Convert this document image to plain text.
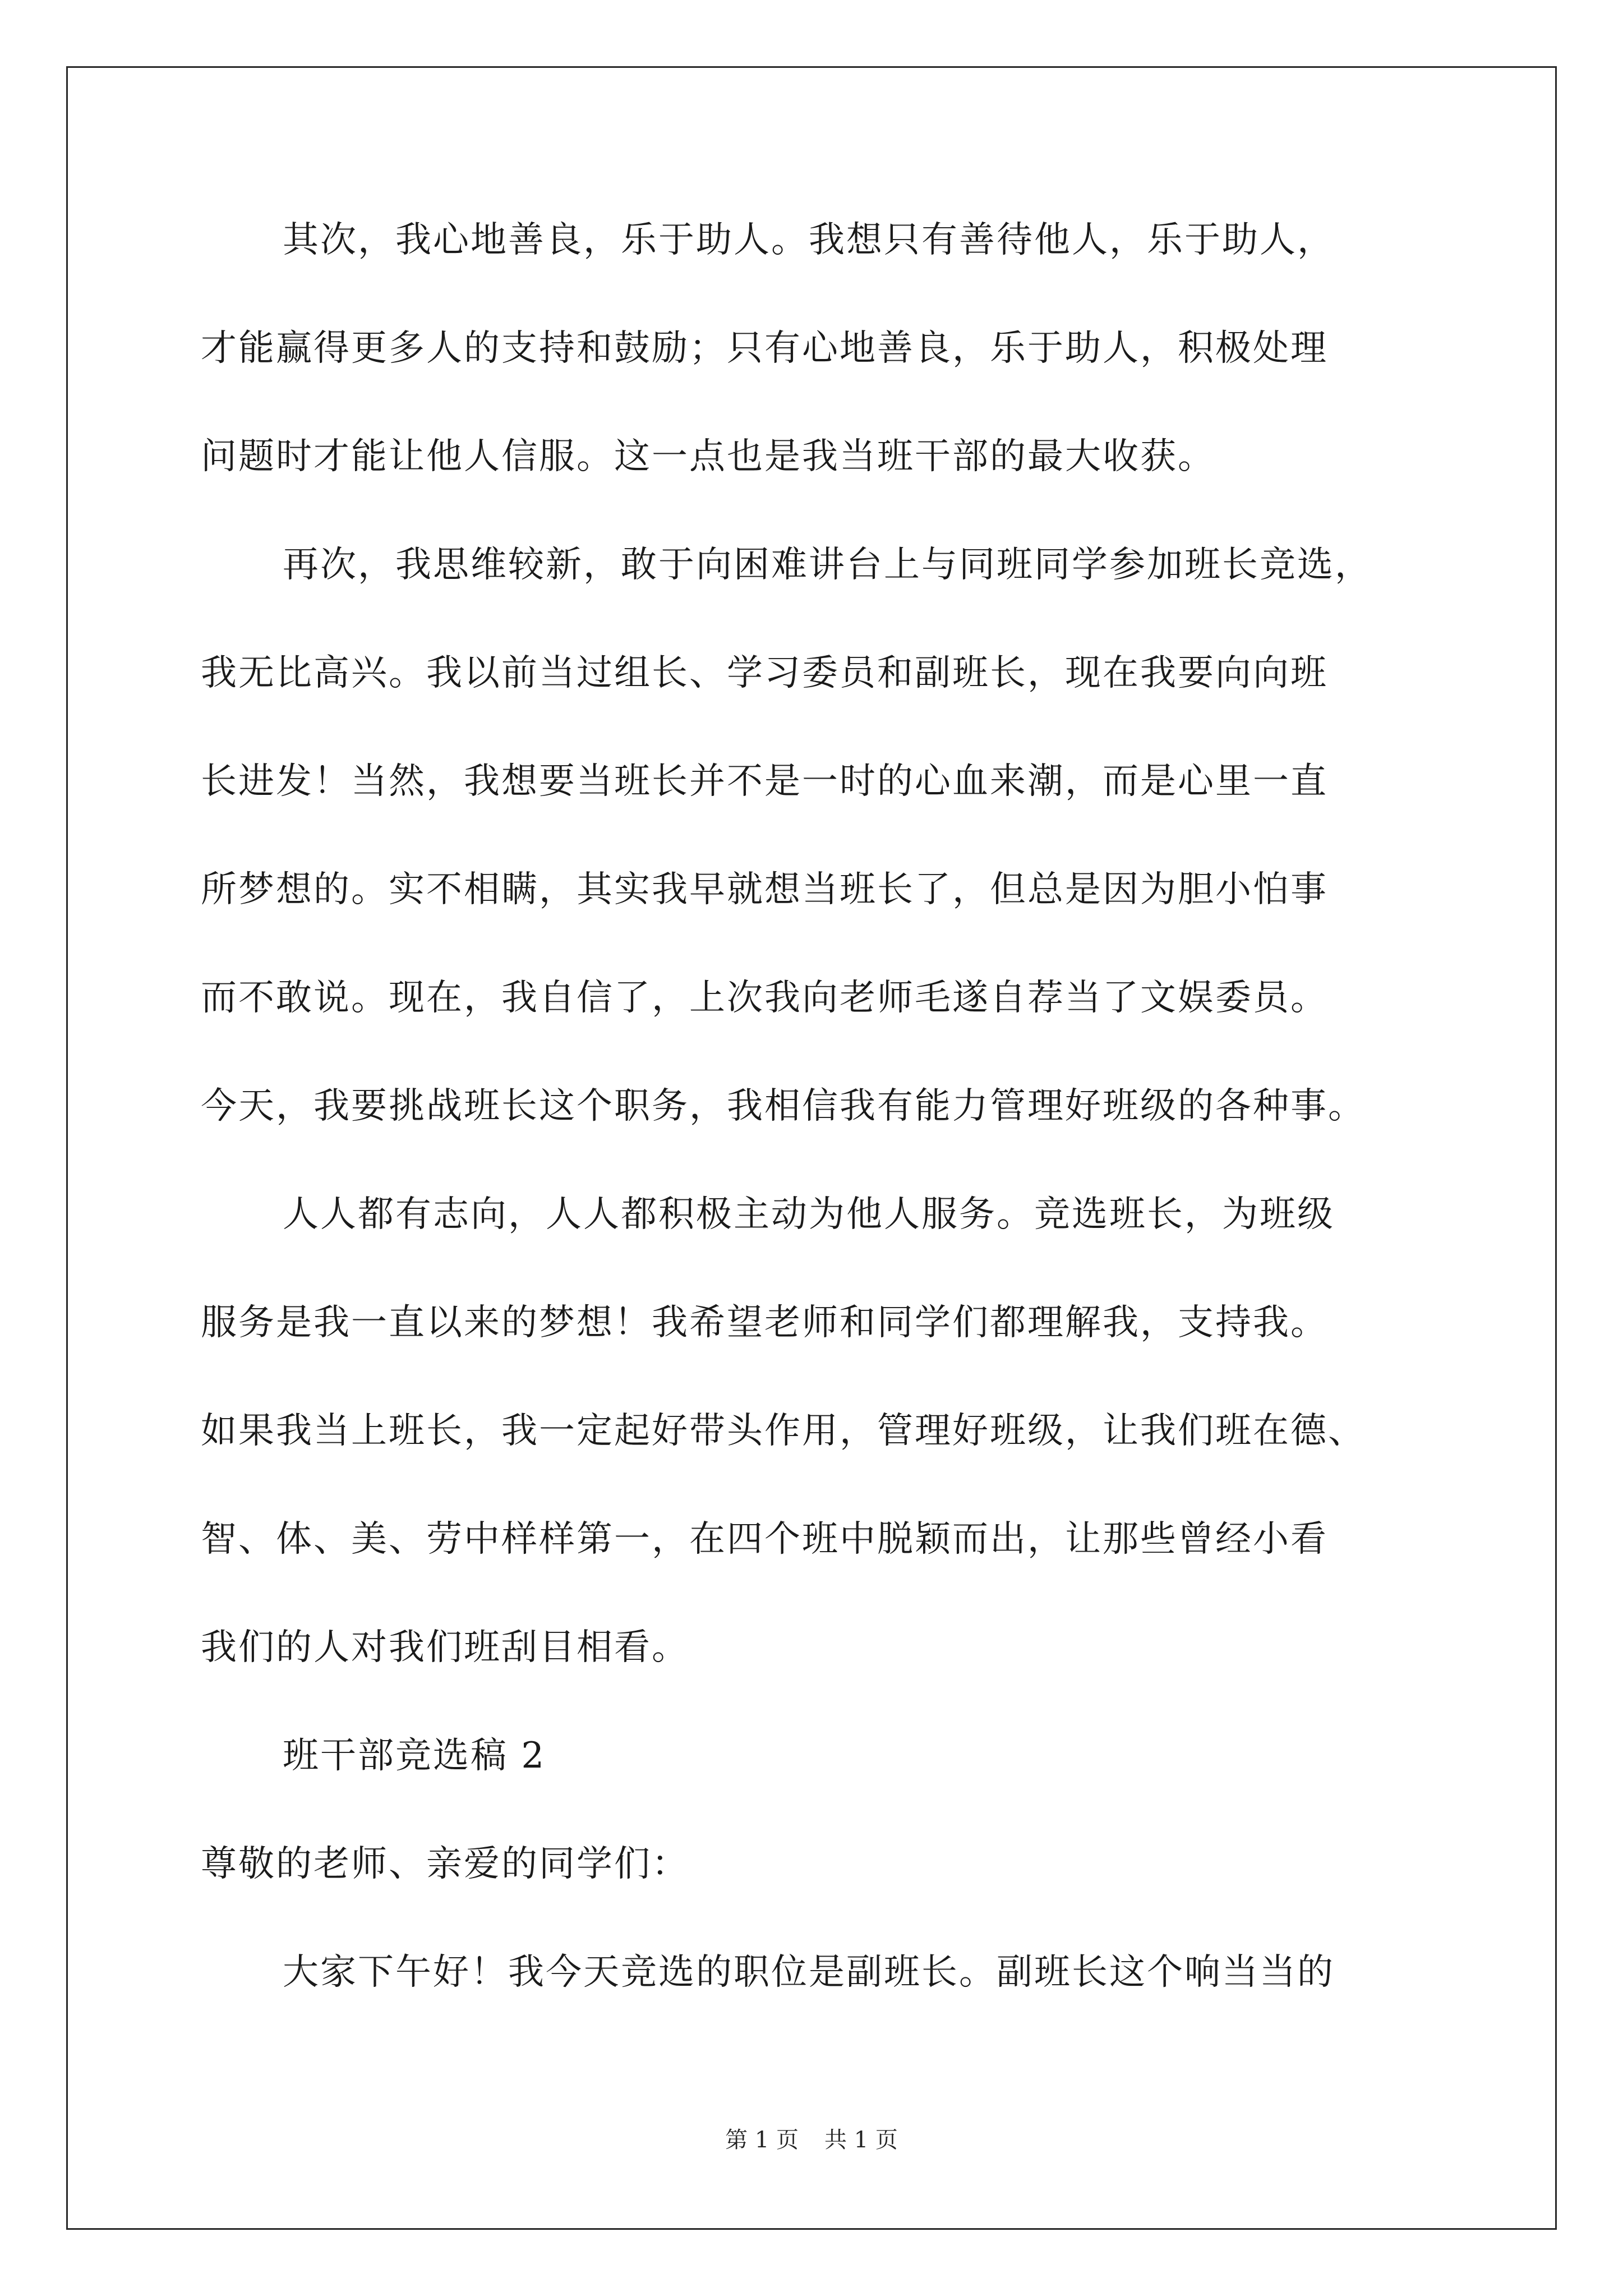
其次，我心地善良，乐于助人。我想只有善待他人，乐于助人，
才能赢得更多人的支持和鼓励；只有心地善良，乐于助人，积极处理
问题时才能让他人信服。这一点也是我当班干部的最大收获。
再次，我思维较新，敢于向困难讲台上与同班同学参加班长竞选，
我无比高兴。我以前当过组长、学习委员和副班长，现在我要向向班
长进发！当然，我想要当班长并不是一时的心血来潮，而是心里一直
所梦想的。实不相瞒，其实我早就想当班长了，但总是因为胆小怕事
而不敢说。现在，我自信了，上次我向老师毛遂自荐当了文娱委员。
今天，我要挑战班长这个职务，我相信我有能力管理好班级的各种事。
人人都有志向，人人都积极主动为他人服务。竞选班长，为班级
服务是我一直以来的梦想！我希望老师和同学们都理解我，支持我。
如果我当上班长，我一定起好带头作用，管理好班级，让我们班在德、
智、体、美、劳中样样第一，在四个班中脱颖而出，让那些曾经小看
我们的人对我们班刮目相看。
班干部竞选稿 2
尊敬的老师、亲爱的同学们：
大家下午好！我今天竞选的职位是副班长。副班长这个响当当的
第 1 页 共 1 页
